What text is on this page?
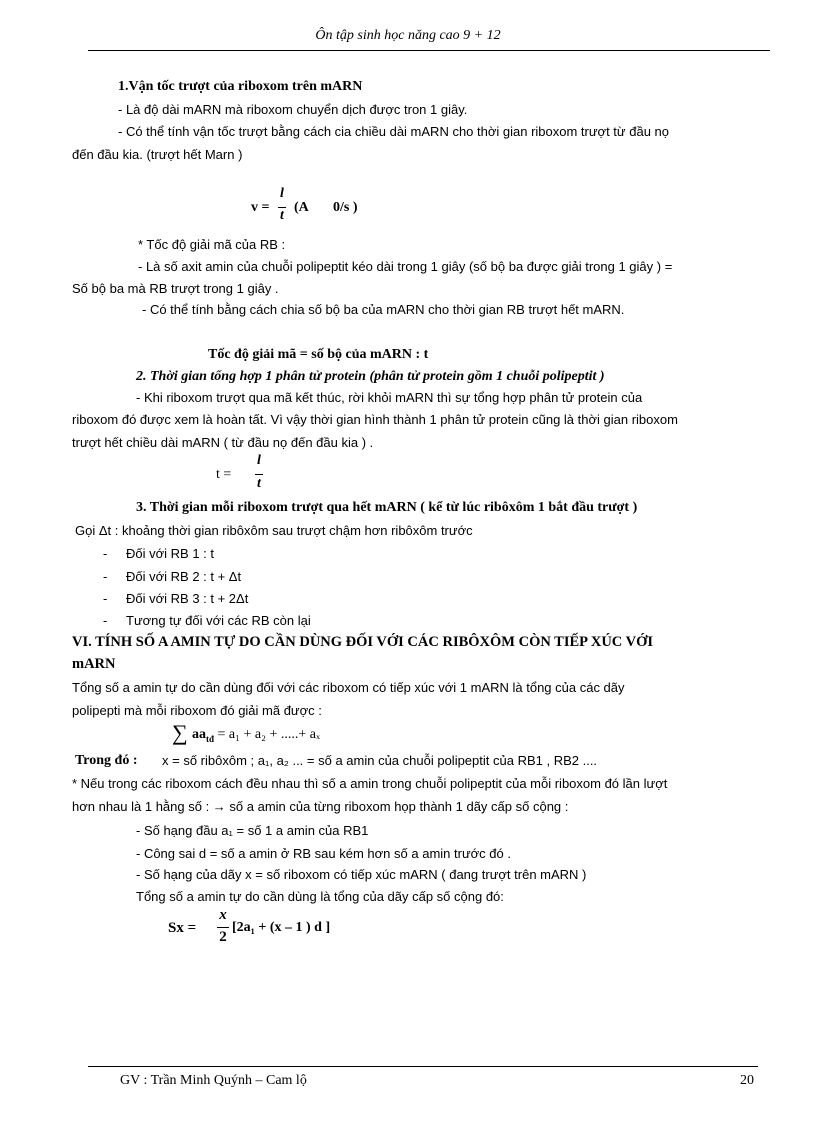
Ôn tập sinh học năng cao 9 + 12
1.Vận tốc trượt của riboxom trên mARN
- Là độ dài mARN mà riboxom chuyển dịch được tron 1 giây.
- Có thể tính vận tốc trượt bằng cách cia chiều dài mARN cho thời gian riboxom trượt từ đầu nọ
đến đầu kia. (trượt hết Marn )
v =
l
t
(A 0/s )
* Tốc độ giải mã của RB :
- Là số axit amin của chuỗi polipeptit kéo dài trong 1 giây (số bộ ba được giải trong 1 giây ) =
Số bộ ba mà RB trượt trong 1 giây .
- Có thể tính bằng cách chia số bộ ba của mARN cho thời gian RB trượt hết mARN.
Tốc độ giải mã = số bộ của mARN : t
2. Thời gian tổng hợp 1 phân tử protein (phân tử protein gồm 1 chuỗi polipeptit )
- Khi riboxom trượt qua mã kết thúc, rời khỏi mARN thì sự tổng hợp phân tử protein của
riboxom đó được xem là hoàn tất. Vì vậy thời gian hình thành 1 phân tử protein cũng là thời gian riboxom
trượt hết chiều dài mARN ( từ đầu nọ đến đầu kia ) .
t =
l
t
3. Thời gian mỗi riboxom trượt qua hết mARN ( kể từ lúc ribôxôm 1 bắt đầu trượt )
Gọi Δt : khoảng thời gian ribôxôm sau trượt chậm hơn ribôxôm trước
- Đối với RB 1 : t
- Đối với RB 2 : t + Δt
- Đối với RB 3 : t + 2Δt
- Tương tự đối với các RB còn lại
VI. TÍNH SỐ A AMIN TỰ DO CẦN DÙNG ĐỐI VỚI CÁC RIBÔXÔM CÒN TIẾP XÚC VỚI
mARN
Tổng số a amin tự do cần dùng đối với các riboxom có tiếp xúc với 1 mARN là tổng của các dãy
polipepti mà mỗi riboxom đó giải mã được :
∑ $aa_{tđ} = a_1 + a_2$ + .....+ aₓ
Trong đó : x = số ribôxôm ; a₁, a₂ ... = số a amin của chuỗi polipeptit của RB1 , RB2 ....
* Nếu trong các riboxom cách đều nhau thì số a amin trong chuỗi polipeptit của mỗi riboxom đó lần lượt
hơn nhau là 1 hằng số : → số a amin của từng riboxom họp thành 1 dãy cấp số cộng :
- Số hạng đầu a₁ = số 1 a amin của RB1
- Công sai d = số a amin ở RB sau kém hơn số a amin trước đó .
- Số hạng của dãy x = số riboxom có tiếp xúc mARN ( đang trượt trên mARN )
Tổng số a amin tự do cần dùng là tổng của dãy cấp số cộng đó:
Sx =
x
2
[2a₁ + (x – 1 ) d ]
GV : Trần Minh Quýnh – Cam lộ	20
